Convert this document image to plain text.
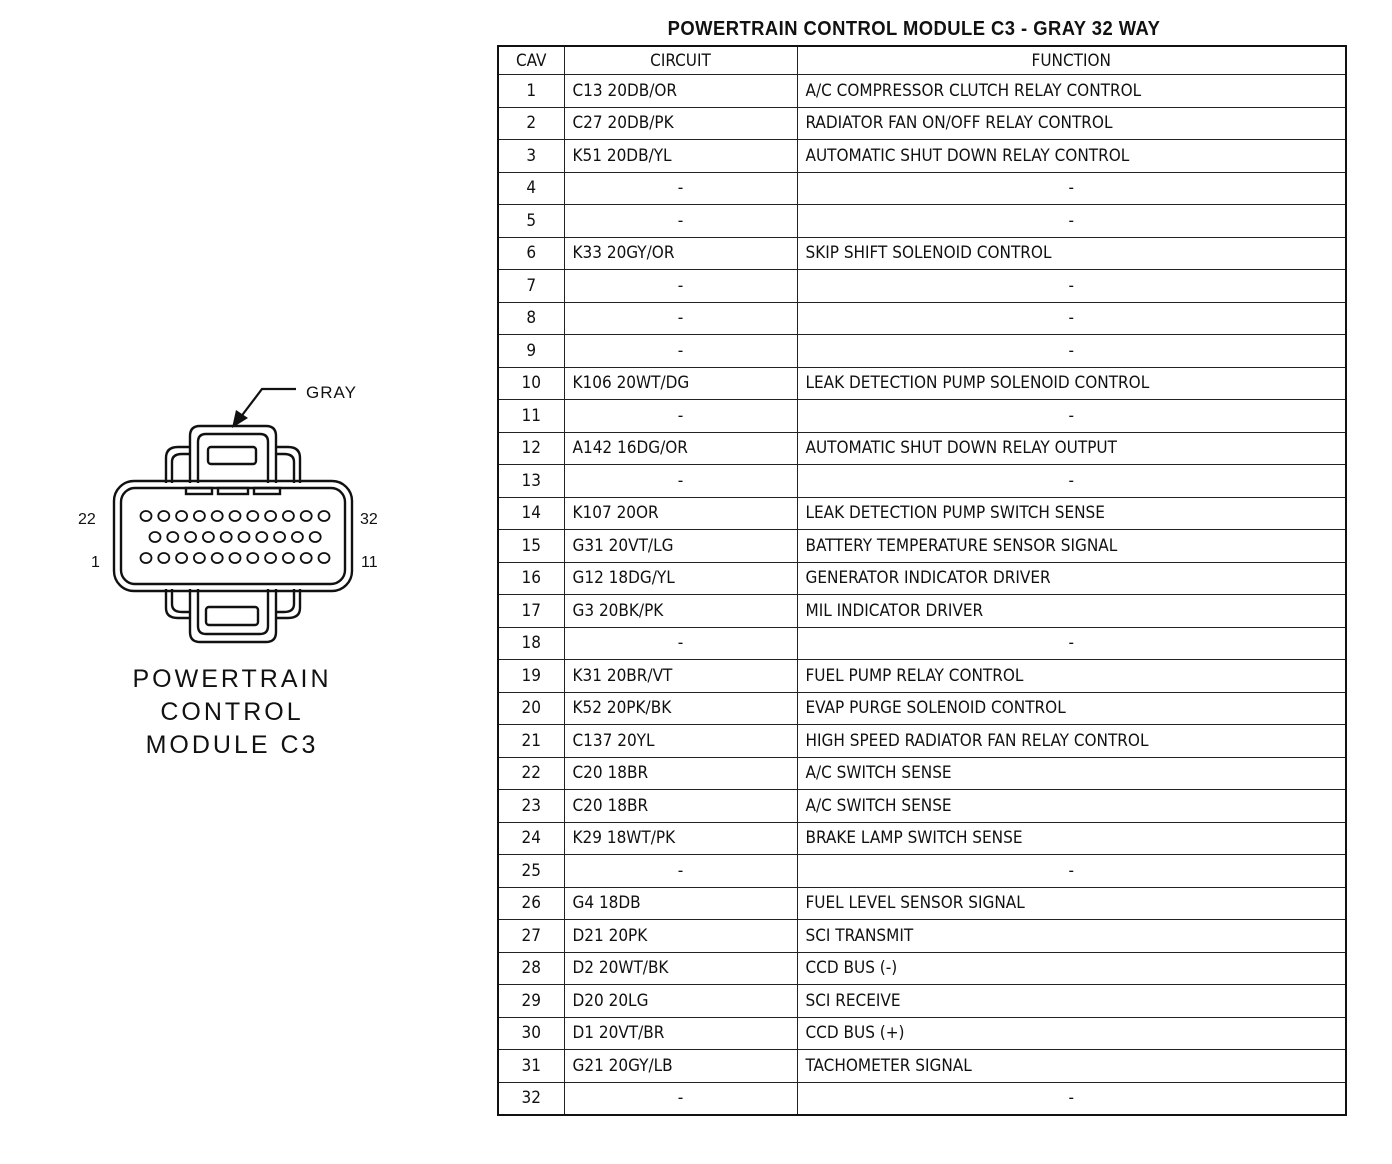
GRAY
22	32
1	11
POWERTRAIN
CONTROL
MODULE C3
POWERTRAIN CONTROL MODULE C3 - GRAY 32 WAY
CAV	CIRCUIT	FUNCTION
1	C13 20DB/OR	A/C COMPRESSOR CLUTCH RELAY CONTROL
2	C27 20DB/PK	RADIATOR FAN ON/OFF RELAY CONTROL
3	K51 20DB/YL	AUTOMATIC SHUT DOWN RELAY CONTROL
4	-	-
5	-	-
6	K33 20GY/OR	SKIP SHIFT SOLENOID CONTROL
7	-	-
8	-	-
9	-	-
10	K106 20WT/DG	LEAK DETECTION PUMP SOLENOID CONTROL
11	-	-
12	A142 16DG/OR	AUTOMATIC SHUT DOWN RELAY OUTPUT
13	-	-
14	K107 20OR	LEAK DETECTION PUMP SWITCH SENSE
15	G31 20VT/LG	BATTERY TEMPERATURE SENSOR SIGNAL
16	G12 18DG/YL	GENERATOR INDICATOR DRIVER
17	G3 20BK/PK	MIL INDICATOR DRIVER
18	-	-
19	K31 20BR/VT	FUEL PUMP RELAY CONTROL
20	K52 20PK/BK	EVAP PURGE SOLENOID CONTROL
21	C137 20YL	HIGH SPEED RADIATOR FAN RELAY CONTROL
22	C20 18BR	A/C SWITCH SENSE
23	C20 18BR	A/C SWITCH SENSE
24	K29 18WT/PK	BRAKE LAMP SWITCH SENSE
25	-	-
26	G4 18DB	FUEL LEVEL SENSOR SIGNAL
27	D21 20PK	SCI TRANSMIT
28	D2 20WT/BK	CCD BUS (-)
29	D20 20LG	SCI RECEIVE
30	D1 20VT/BR	CCD BUS (+)
31	G21 20GY/LB	TACHOMETER SIGNAL
32	-	-
